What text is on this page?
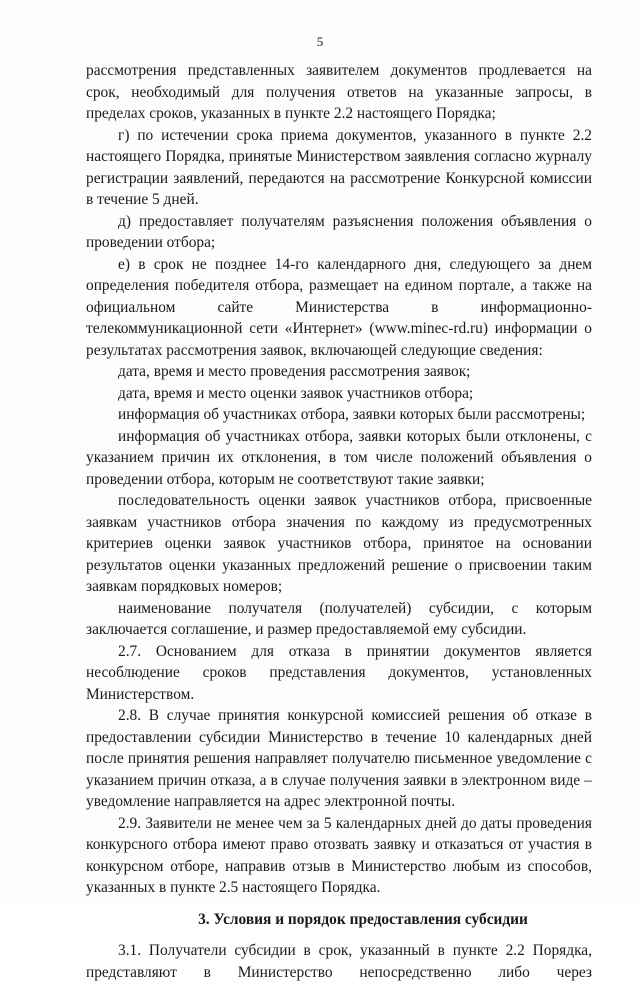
5

рассмотрения представленных заявителем документов продлевается на срок, необходимый для получения ответов на указанные запросы, в пределах сроков, указанных в пункте 2.2 настоящего Порядка;

г) по истечении срока приема документов, указанного в пункте 2.2 настоящего Порядка, принятые Министерством заявления согласно журналу регистрации заявлений, передаются на рассмотрение Конкурсной комиссии в течение 5 дней.

д) предоставляет получателям разъяснения положения объявления о проведении отбора;

е) в срок не позднее 14-го календарного дня, следующего за днем определения победителя отбора, размещает на едином портале, а также на официальном сайте Министерства в информационно-телекоммуникационной сети «Интернет» (www.minec-rd.ru) информации о результатах рассмотрения заявок, включающей следующие сведения:

дата, время и место проведения рассмотрения заявок;

дата, время и место оценки заявок участников отбора;

информация об участниках отбора, заявки которых были рассмотрены;

информация об участниках отбора, заявки которых были отклонены, с указанием причин их отклонения, в том числе положений объявления о проведении отбора, которым не соответствуют такие заявки;

последовательность оценки заявок участников отбора, присвоенные заявкам участников отбора значения по каждому из предусмотренных критериев оценки заявок участников отбора, принятое на основании результатов оценки указанных предложений решение о присвоении таким заявкам порядковых номеров;

наименование получателя (получателей) субсидии, с которым заключается соглашение, и размер предоставляемой ему субсидии.

2.7. Основанием для отказа в принятии документов является несоблюдение сроков представления документов, установленных Министерством.

2.8. В случае принятия конкурсной комиссией решения об отказе в предоставлении субсидии Министерство в течение 10 календарных дней после принятия решения направляет получателю письменное уведомление с указанием причин отказа, а в случае получения заявки в электронном виде – уведомление направляется на адрес электронной почты.

2.9. Заявители не менее чем за 5 календарных дней до даты проведения конкурсного отбора имеют право отозвать заявку и отказаться от участия в конкурсном отборе, направив отзыв в Министерство любым из способов, указанных в пункте 2.5 настоящего Порядка.

3. Условия и порядок предоставления субсидии

3.1. Получатели субсидии в срок, указанный в пункте 2.2 Порядка, представляют в Министерство непосредственно либо через
